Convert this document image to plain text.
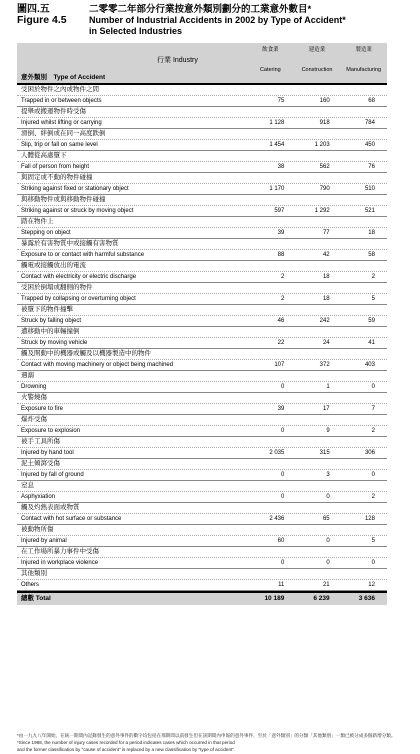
圖四.五	二零零二年部分行業按意外類別劃分的工業意外數目*
Figure 4.5	Number of Industrial Accidents in 2002 by Type of Accident*
in Selected Industries
行業 Industry
飲食業
Catering
建造業
Construction
製造業
Manufacturing
意外類別　Type of Accident
受困於物件之內或物件之間
Trapped in or between objects	75	160	68
提舉或搬運物件時受傷
Injured whilst lifting or carrying	1 128	918	784
滑倒、絆倒或在同一高度跌倒
Slip, trip or fall on same level	1 454	1 203	450
人體從高處墮下
Fall of person from height	38	562	76
與固定或不動的物件碰撞
Striking against fixed or stationary object	1 170	790	510
與移動物件或與移動物件碰撞
Striking against or struck by moving object	597	1 292	521
踏在物件上
Stepping on object	39	77	18
暴露於有害物質中或接觸有害物質
Exposure to or contact with harmful substance	88	42	58
觸電或接觸放出的電流
Contact with electricity or electric discharge	2	18	2
受困於倒塌或翻側的物件
Trapped by collapsing or overturning object	2	18	5
被墮下的物件撞擊
Struck by falling object	46	242	59
遭移動中的車輛撞倒
Struck by moving vehicle	22	24	41
觸及開動中的機器或觸及以機器製造中的物件
Contact with moving machinery or object being machined	107	372	403
遇溺
Drowning	0	1	0
火警燒傷
Exposure to fire	39	17	7
爆炸受傷
Exposure to explosion	0	9	2
被手工具所傷
Injured by hand tool	2 035	315	306
泥土傾瀉受傷
Injured by fall of ground	0	3	0
窒息
Asphyxiation	0	0	2
觸及灼熱表面或物質
Contact with hot surface or substance	2 436	65	128
被動物所傷
Injured by animal	60	0	5
在工作場所暴力事件中受傷
Injured in workplace violence	0	0	0
其他類別
Others	11	21	12
總數 Total	10 189	6 239	3 636
*由一九九八年開始，在統一期間內記錄發生的意外事件的數字均包括在那期間以前發生但在該期間內申報的意外事件，至於「意外類別」的分類「其他類別」一類已被分成多個新增分類。
*Since 1998, the number of injury cases recorded for a period indicates cases which occurred in that period
and the former classification by "cause of accident" is replaced by a new classification by "type of accident".
